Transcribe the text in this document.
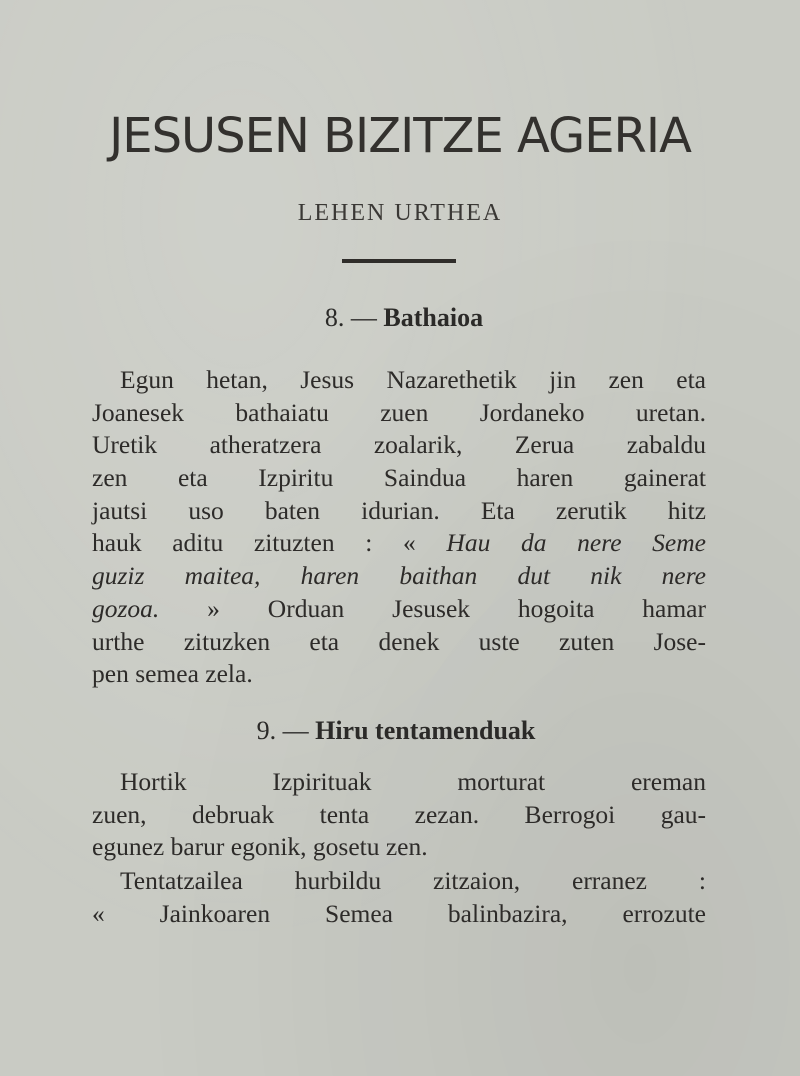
JESUSEN BIZITZE AGERIA
LEHEN URTHEA
8. — Bathaioa
Egun hetan, Jesus Nazarethetik jin zen eta
Joanesek bathaiatu zuen Jordaneko uretan.
Uretik atheratzera zoalarik, Zerua zabaldu
zen eta Izpiritu Saindua haren gainerat
jautsi uso baten idurian. Eta zerutik hitz
hauk aditu zituzten : « Hau da nere Seme
guziz maitea, haren baithan dut nik nere
gozoa. » Orduan Jesusek hogoita hamar
urthe zituzken eta denek uste zuten Jose-
pen semea zela.
9. — Hiru tentamenduak
Hortik Izpirituak morturat ereman
zuen, debruak tenta zezan. Berrogoi gau-
egunez barur egonik, gosetu zen.
Tentatzailea hurbildu zitzaion, erranez :
« Jainkoaren Semea balinbazira, errozute
